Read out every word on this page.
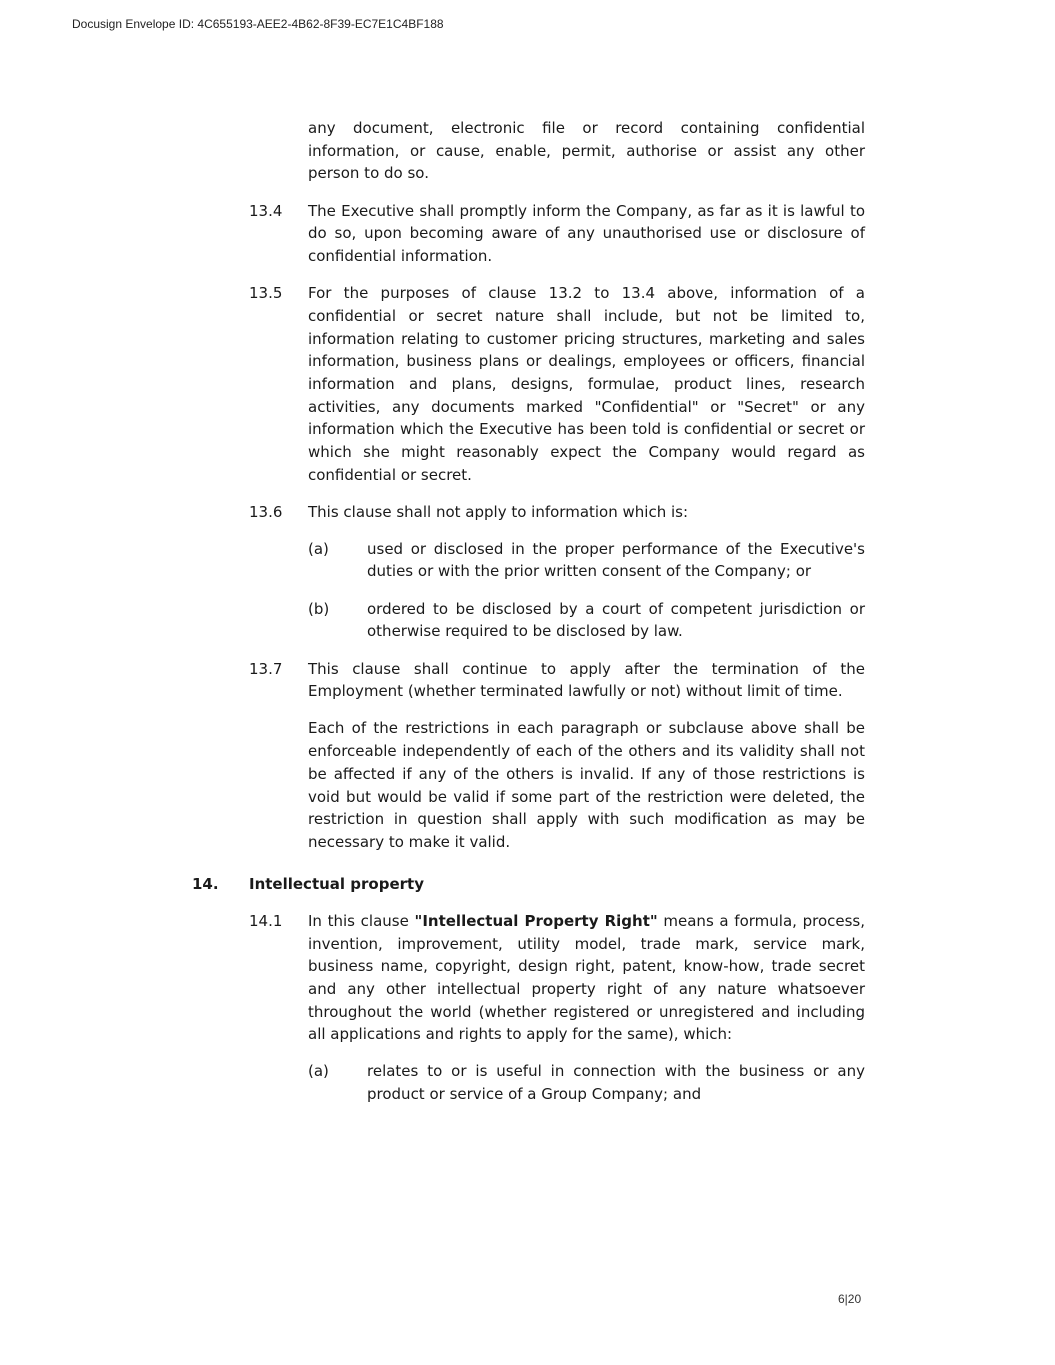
Docusign Envelope ID: 4C655193-AEE2-4B62-8F39-EC7E1C4BF188

any document, electronic file or record containing confidential information, or cause, enable, permit, authorise or assist any other person to do so.

13.4 The Executive shall promptly inform the Company, as far as it is lawful to do so, upon becoming aware of any unauthorised use or disclosure of confidential information.
13.5 For the purposes of clause 13.2 to 13.4 above, information of a confidential or secret nature shall include, but not be limited to, information relating to customer pricing structures, marketing and sales information, business plans or dealings, employees or officers, financial information and plans, designs, formulae, product lines, research activities, any documents marked "Confidential" or "Secret" or any information which the Executive has been told is confidential or secret or which she might reasonably expect the Company would regard as confidential or secret.
13.6 This clause shall not apply to information which is:
(a)	used or disclosed in the proper performance of the Executive's duties or with the prior written consent of the Company; or
(b)	ordered to be disclosed by a court of competent jurisdiction or otherwise required to be disclosed by law.
13.7 This clause shall continue to apply after the termination of the Employment (whether terminated lawfully or not) without limit of time.
Each of the restrictions in each paragraph or subclause above shall be enforceable independently of each of the others and its validity shall not be affected if any of the others is invalid. If any of those restrictions is void but would be valid if some part of the restriction were deleted, the restriction in question shall apply with such modification as may be necessary to make it valid.
14. Intellectual property
14.1 In this clause "Intellectual Property Right" means a formula, process, invention, improvement, utility model, trade mark, service mark, business name, copyright, design right, patent, know-how, trade secret and any other intellectual property right of any nature whatsoever throughout the world (whether registered or unregistered and including all applications and rights to apply for the same), which:
(a)	relates to or is useful in connection with the business or any product or service of a Group Company; and
6|20
